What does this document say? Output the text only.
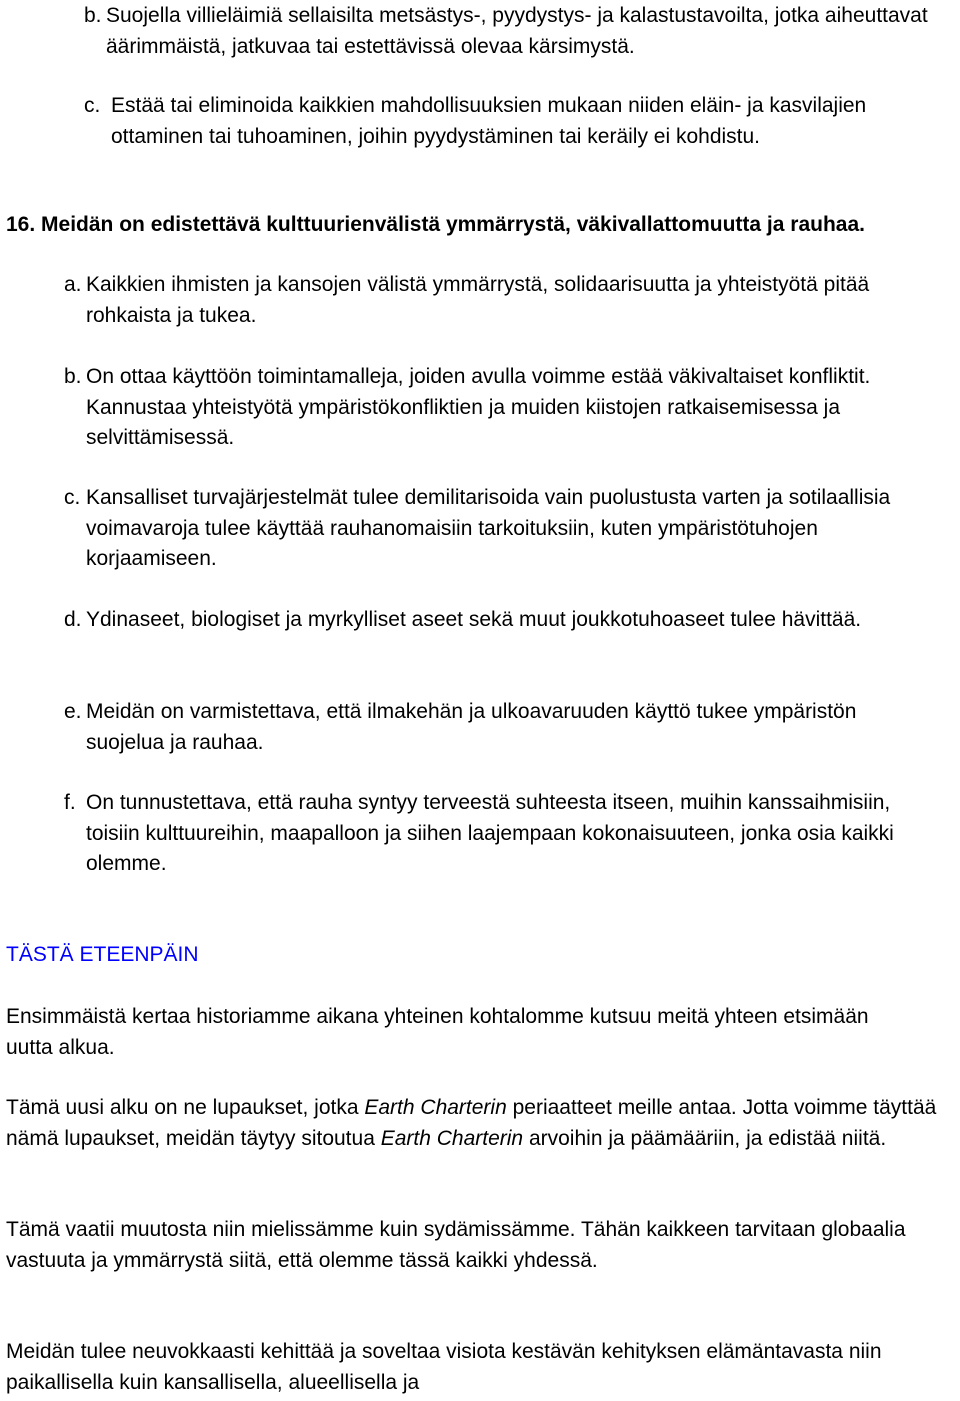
b. Suojella villieläimiä sellaisilta metsästys-, pyydystys- ja kalastustavoilta, jotka aiheuttavat äärimmäistä, jatkuvaa tai estettävissä olevaa kärsimystä.
c. Estää tai eliminoida kaikkien mahdollisuuksien mukaan niiden eläin- ja kasvilajien ottaminen tai tuhoaminen, joihin pyydystäminen tai keräily ei kohdistu.
16. Meidän on edistettävä kulttuurienvälistä ymmärrystä, väkivallattomuutta ja rauhaa.
a. Kaikkien ihmisten ja kansojen välistä ymmärrystä, solidaarisuutta ja yhteistyötä pitää rohkaista ja tukea.
b. On ottaa käyttöön toimintamalleja, joiden avulla voimme estää väkivaltaiset konfliktit. Kannustaa yhteistyötä ympäristökonfliktien ja muiden kiistojen ratkaisemisessa ja selvittämisessä.
c. Kansalliset turvajärjestelmät tulee demilitarisoida vain puolustusta varten ja sotilaallisia voimavaroja tulee käyttää rauhanomaisiin tarkoituksiin, kuten ympäristötuhojen korjaamiseen.
d. Ydinaseet, biologiset ja myrkylliset aseet sekä muut joukkotuhoaseet tulee hävittää.
e. Meidän on varmistettava, että ilmakehän ja ulkoavaruuden käyttö tukee ympäristön suojelua ja rauhaa.
f. On tunnustettava, että rauha syntyy terveestä suhteesta itseen, muihin kanssaihmisiin, toisiin kulttuureihin, maapalloon ja siihen laajempaan kokonaisuuteen, jonka osia kaikki olemme.
TÄSTÄ ETEENPÄIN
Ensimmäistä kertaa historiamme aikana yhteinen kohtalomme kutsuu meitä yhteen etsimään uutta alkua.
Tämä uusi alku on ne lupaukset, jotka Earth Charterin periaatteet meille antaa. Jotta voimme täyttää nämä lupaukset, meidän täytyy sitoutua Earth Charterin arvoihin ja päämääriin, ja edistää niitä.
Tämä vaatii muutosta niin mielissämme kuin sydämissämme. Tähän kaikkeen tarvitaan globaalia vastuuta ja ymmärrystä siitä, että olemme tässä kaikki yhdessä.
Meidän tulee neuvokkaasti kehittää ja soveltaa visiota kestävän kehityksen elämäntavasta niin paikallisella kuin kansallisella, alueellisella ja
